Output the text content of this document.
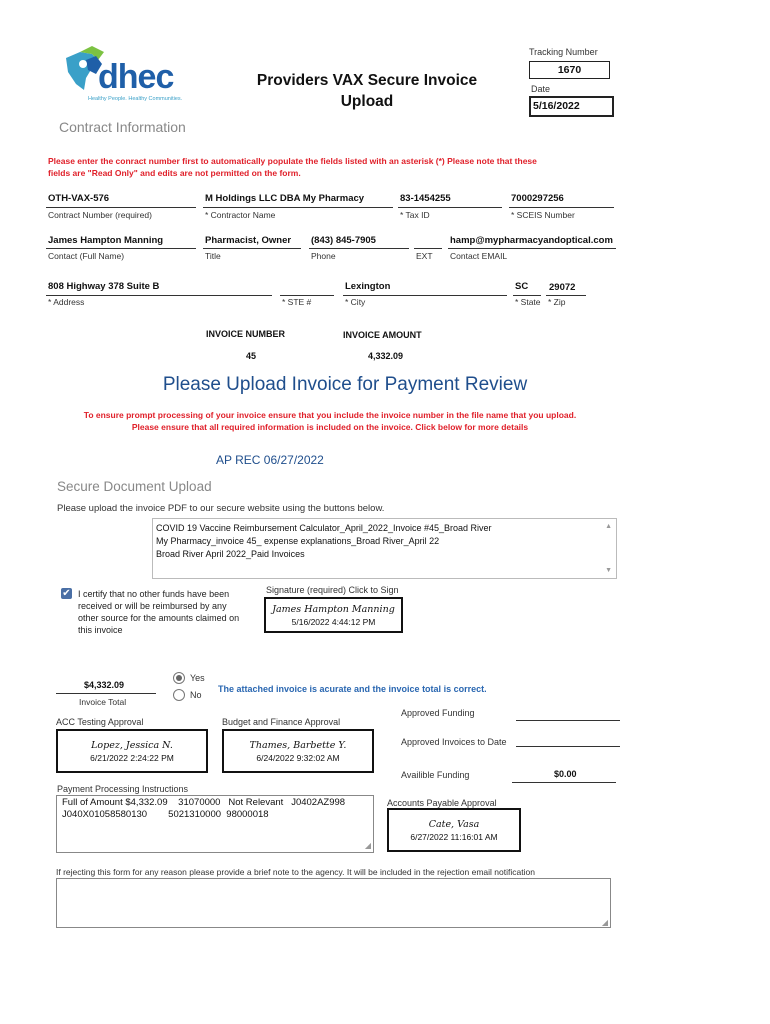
dhec
Healthy People. Healthy Communities.
Providers VAX Secure Invoice
Upload
Tracking Number
1670
Date
5/16/2022
Contract Information
Please enter the conract number first to automatically populate the fields listed with an asterisk (*) Please note that these
fields are "Read Only" and edits are not permitted on the form.
OTH-VAX-576
Contract Number (required)
M Holdings LLC DBA My Pharmacy
* Contractor Name
83-1454255
* Tax ID
7000297256
* SCEIS Number
James Hampton Manning
Contact (Full Name)
Pharmacist, Owner
Title
(843) 845-7905
Phone	EXT
hamp@mypharmacyandoptical.com
Contact EMAIL
808 Highway 378 Suite B
* Address	* STE #
Lexington
* City
SC
* State
29072
* Zip
INVOICE NUMBER
45
INVOICE AMOUNT
4,332.09
Please Upload Invoice for Payment Review
To ensure prompt processing of your invoice ensure that you include the invoice number in the file name that you upload.
Please ensure that all required information is included on the invoice. Click below for more details
AP REC 06/27/2022
Secure Document Upload
Please upload the invoice PDF to our secure website using the buttons below.
COVID 19 Vaccine Reimbursement Calculator_April_2022_Invoice #45_Broad River
My Pharmacy_invoice 45_ expense explanations_Broad River_April 22
Broad River April 2022_Paid Invoices
▲
▼
✔ I certify that no other funds have been
received or will be reimbursed by any
other source for the amounts claimed on
this invoice
Signature (required) Click to Sign
James Hampton Manning
5/16/2022 4:44:12 PM
$4,332.09
Invoice Total
Yes
No
The attached invoice is acurate and the invoice total is correct.
ACC Testing Approval
Lopez, Jessica N.
6/21/2022 2:24:22 PM
Budget and Finance Approval
Thames, Barbette Y.
6/24/2022 9:32:02 AM
Approved Funding
Approved Invoices to Date
Availible Funding	$0.00
Payment Processing Instructions
Full of Amount $4,332.09    31070000   Not Relevant   J0402AZ998
J040X01058580130        5021310000  98000018
◢
Accounts Payable Approval
Cate, Vasa
6/27/2022 11:16:01 AM
If rejecting this form for any reason please provide a brief note to the agency. It will be included in the rejection email notification
◢
